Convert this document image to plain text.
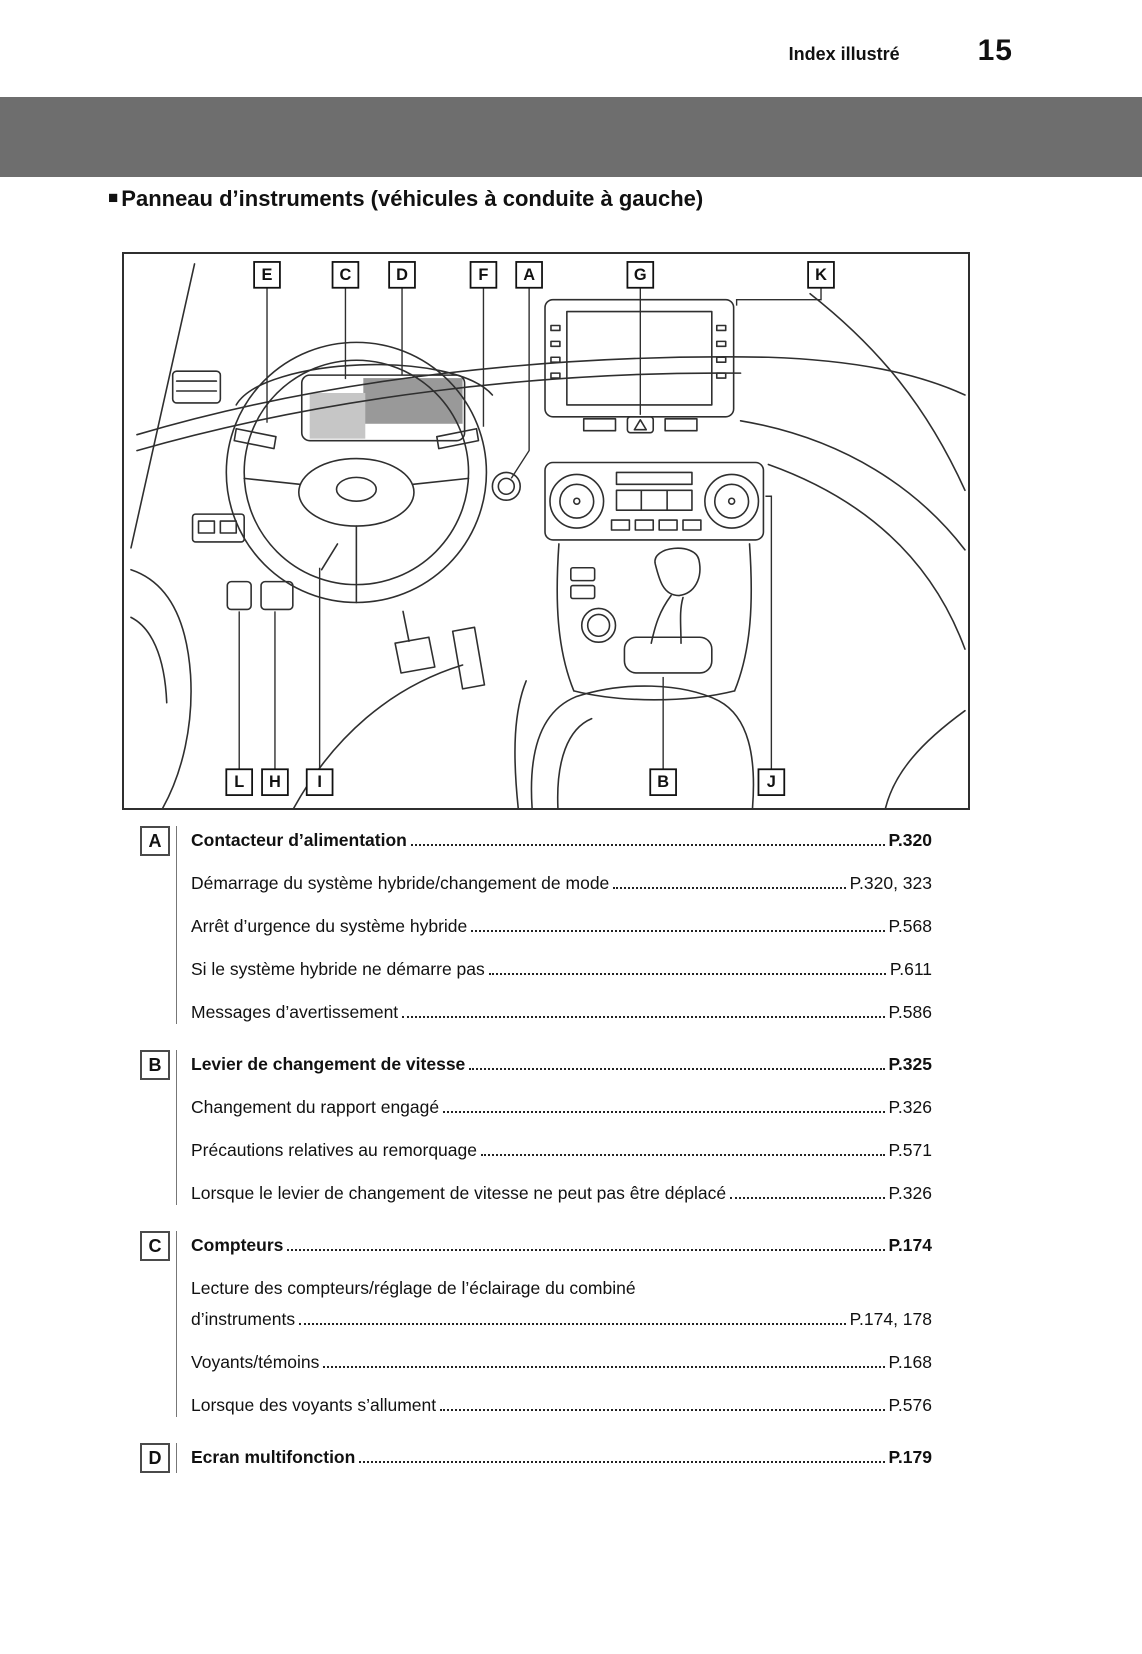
Index illustré	15
■ Panneau d’instruments (véhicules à conduite à gauche)
E	C	D	F A	G	K
L H I	B	J
A	Contacteur d’alimentation	P.320
Démarrage du système hybride/changement de mode	P.320, 323
Arrêt d’urgence du système hybride	P.568
Si le système hybride ne démarre pas	P.611
Messages d’avertissement	P.586
B	Levier de changement de vitesse	P.325
Changement du rapport engagé	P.326
Précautions relatives au remorquage	P.571
Lorsque le levier de changement de vitesse ne peut pas être déplacé	P.326
C	Compteurs	P.174
Lecture des compteurs/réglage de l’éclairage du combiné
d’instruments	P.174, 178
Voyants/témoins	P.168
Lorsque des voyants s’allument	P.576
D	Ecran multifonction	P.179
